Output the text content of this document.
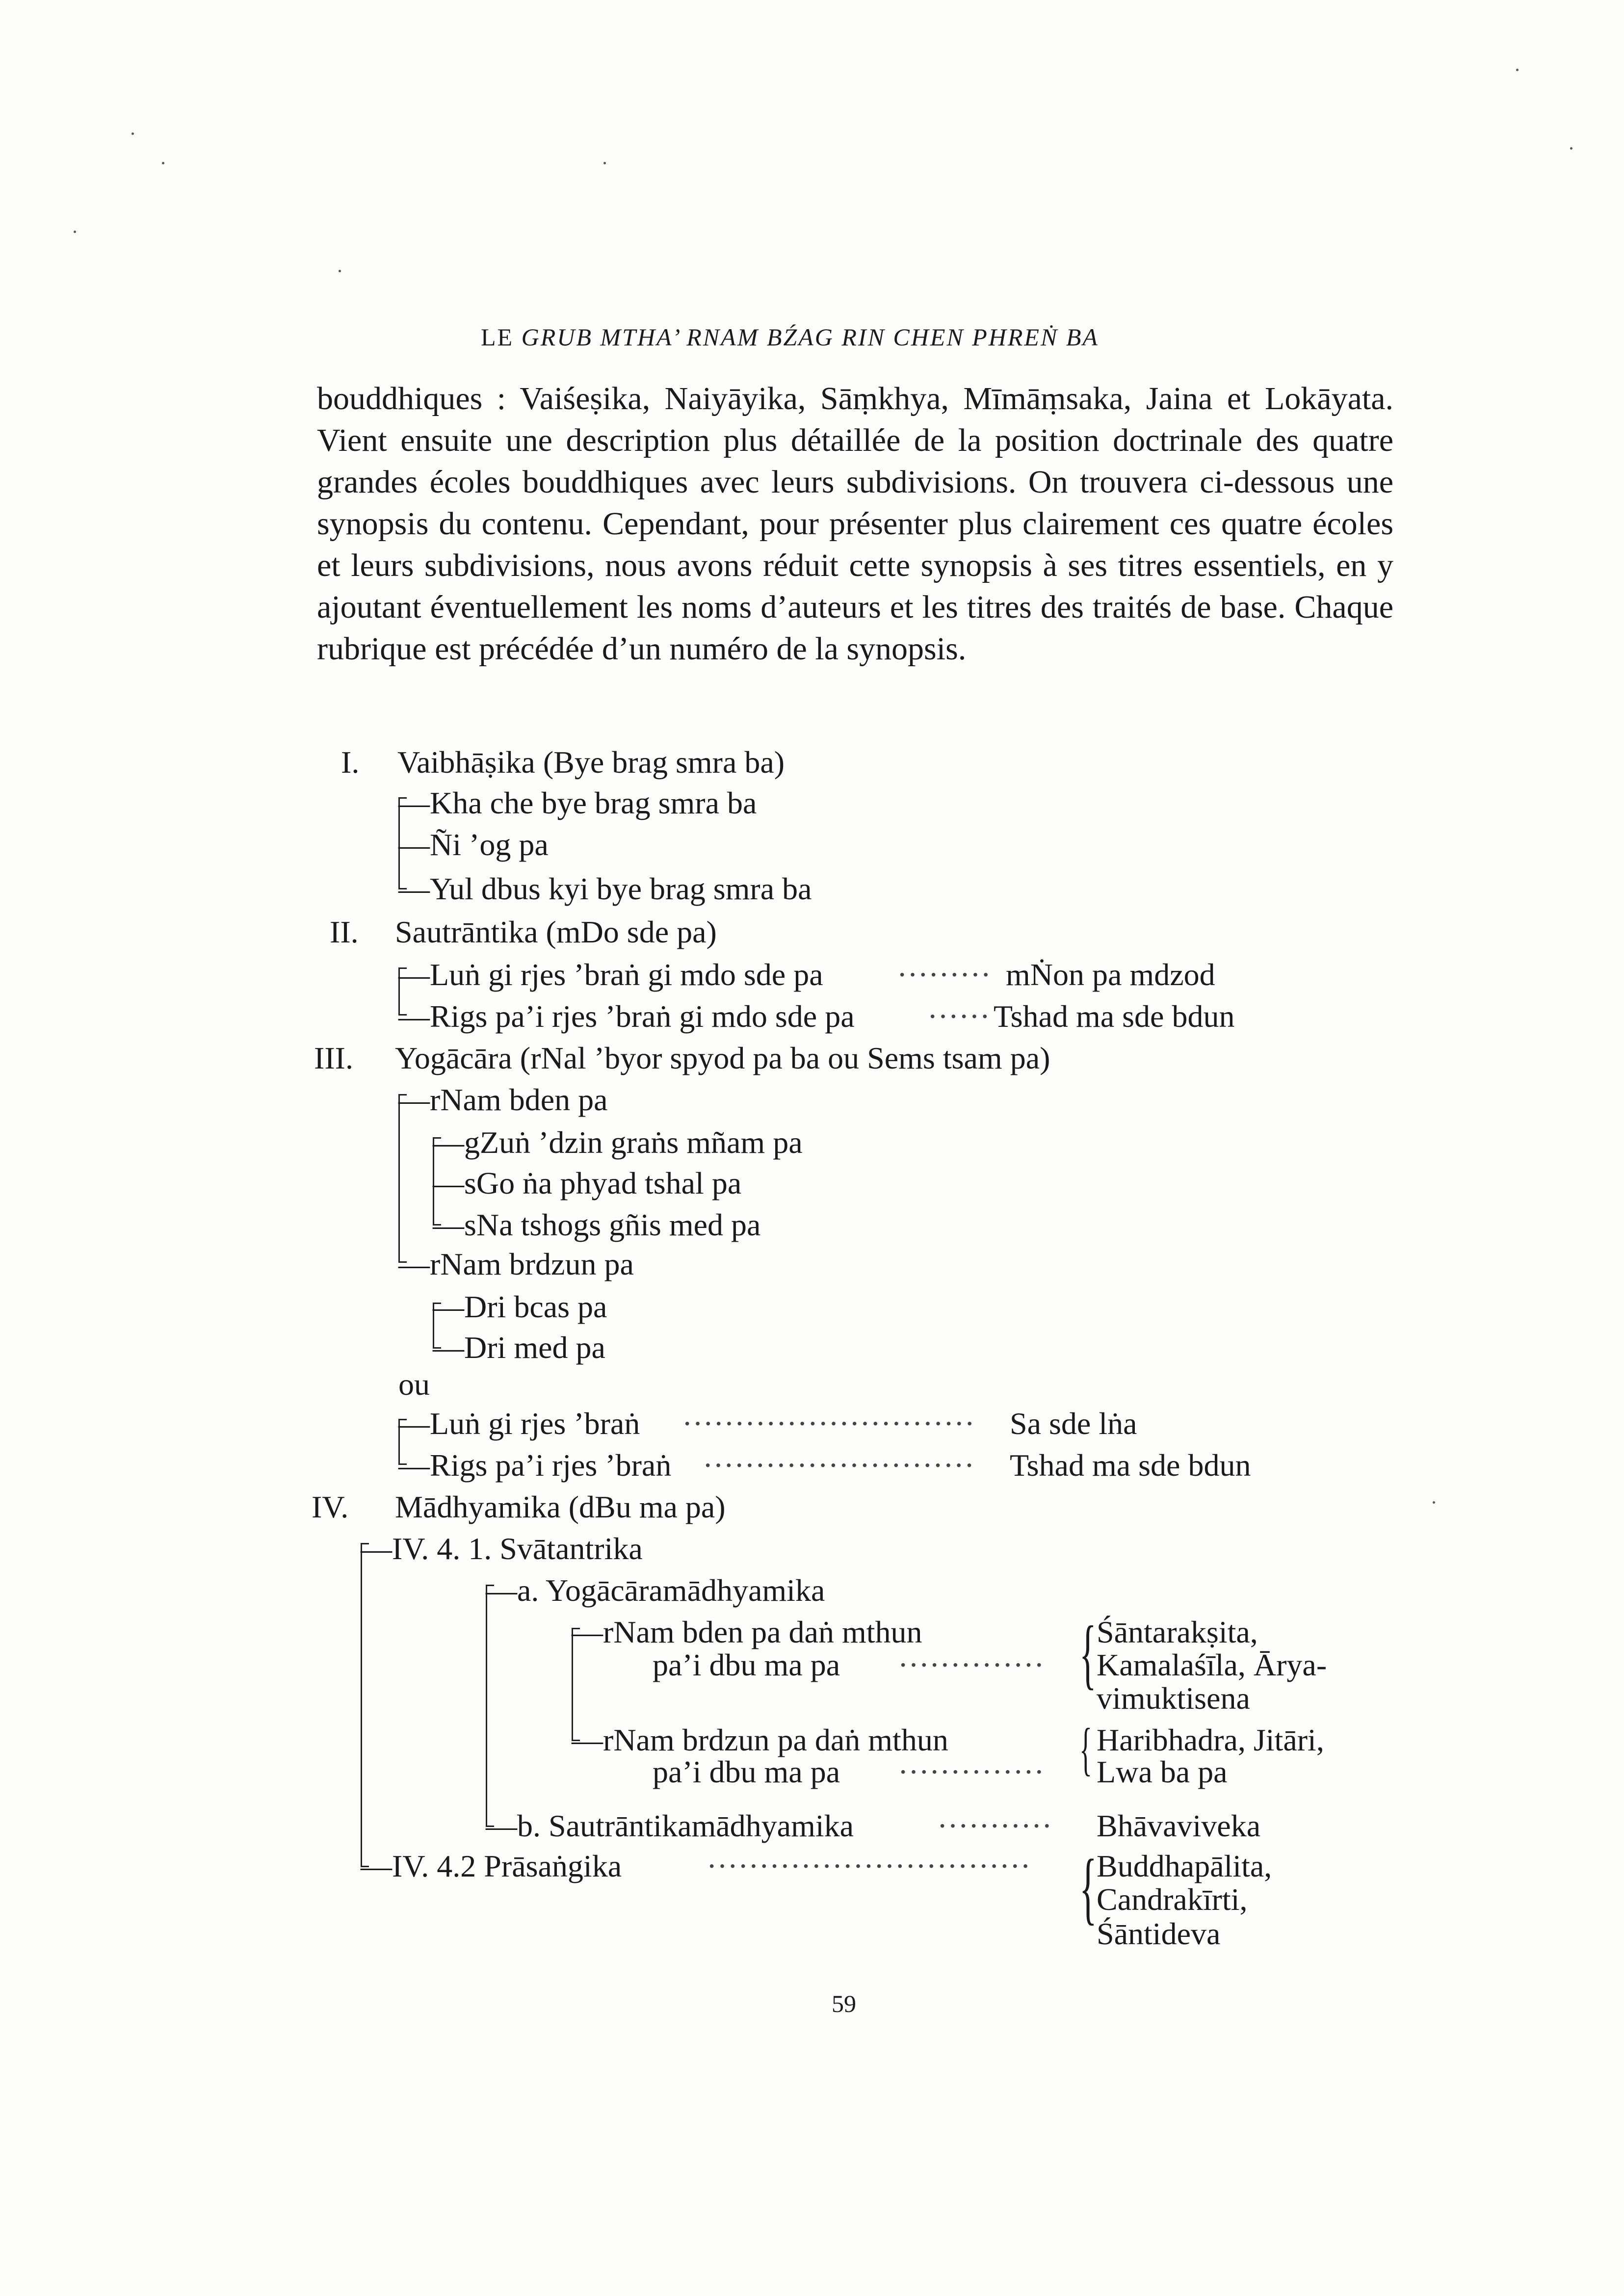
LE GRUB MTHA’ RNAM BŹAG RIN CHEN PHREṄ BA
bouddhiques : Vaiśeṣika, Naiyāyika, Sāṃkhya, Mīmāṃsaka, Jaina et Lokāyata. Vient ensuite une description plus détaillée de la position doctrinale des quatre grandes écoles bouddhiques avec leurs subdivisions. On trouvera ci-dessous une synopsis du contenu. Cependant, pour présenter plus clairement ces quatre écoles et leurs subdivisions, nous avons réduit cette synopsis à ses titres essentiels, en y ajoutant éventuellement les noms d’auteurs et les titres des traités de base. Chaque rubrique est précédée d’un numéro de la synopsis.
I. Vaibhāṣika (Bye brag smra ba)
—Kha che bye brag smra ba
—Ñi ’og pa
—Yul dbus kyi bye brag smra ba
II. Sautrāntika (mDo sde pa)
—Luṅ gi rjes ’braṅ gi mdo sde pa ········· mṄon pa mdzod
—Rigs pa’i rjes ’braṅ gi mdo sde pa ······ Tshad ma sde bdun
III. Yogācāra (rNal ’byor spyod pa ba ou Sems tsam pa)
—rNam bden pa
—gZuṅ ’dzin graṅs mñam pa
—sGo ṅa phyad tshal pa
—sNa tshogs gñis med pa
—rNam brdzun pa
—Dri bcas pa
—Dri med pa
ou
—Luṅ gi rjes ’braṅ ···························· Sa sde lṅa
—Rigs pa’i rjes ’braṅ ·························· Tshad ma sde bdun
IV. Mādhyamika (dBu ma pa)
—IV. 4. 1. Svātantrika
—a. Yogācāramādhyamika
—rNam bden pa daṅ mthun
pa’i dbu ma pa ·············· { Śāntarakṣita,
Kamalaśīla, Ārya-
vimuktisena
—rNam brdzun pa daṅ mthun
pa’i dbu ma pa ·············· { Haribhadra, Jitāri,
Lwa ba pa
—b. Sautrāntikamādhyamika	··········· Bhāvaviveka
—IV. 4.2 Prāsaṅgika	······························· { Buddhapālita,
Candrakīrti,
Śāntideva
59
